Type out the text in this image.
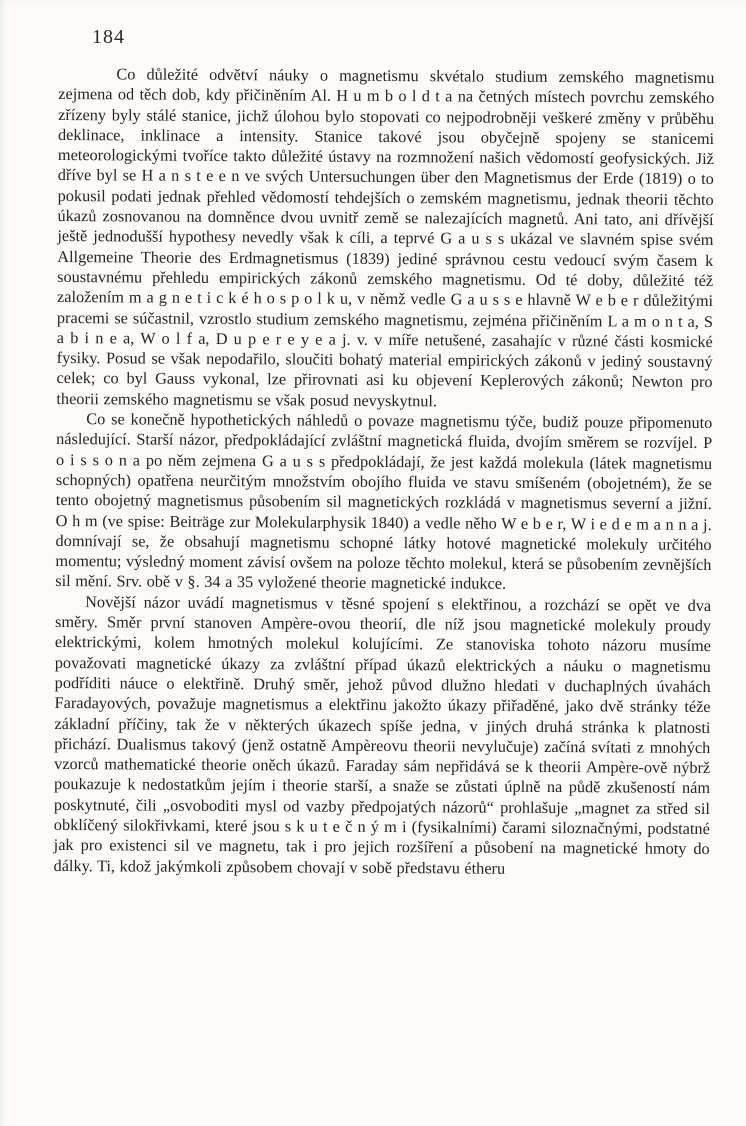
184

Co důležité odvětví náuky o magnetismu skvétalo studium zemského magnetismu zejmena od těch dob, kdy přičiněním Al. H u m b o l d t a na četných místech povrchu zemského zřízeny byly stálé stanice, jichž úlohou bylo stopovati co nejpodrobněji veškeré změny v průběhu deklinace, inklinace a intensity. Stanice takové jsou obyčejně spojeny se stanicemi meteorologickými tvoříce takto důležité ústavy na rozmnožení našich vědomostí geofysických. Již dříve byl se H a n s t e e n ve svých Untersuchungen über den Magnetismus der Erde (1819) o to pokusil podati jednak přehled vědomostí tehdejších o zemském magnetismu, jednak theorii těchto úkazů zosnovanou na domněnce dvou uvnitř země se nalezajících magnetů. Ani tato, ani dřívější ještě jednodušší hypothesy nevedly však k cíli, a teprvé G a u s s ukázal ve slavném spise svém Allgemeine Theorie des Erdmagnetismus (1839) jediné správnou cestu vedoucí svým časem k soustavnému přehledu empirických zákonů zemského magnetismu. Od té doby, důležité též založením m a g n e t i c k é h o s p o l k u, v němž vedle G a u s s e hlavně W e b e r důležitými pracemi se súčastnil, vzrostlo studium zemského magnetismu, zejména přičiněním L a m o n t a, S a b i n e a, W o l f a, D u p e r e y e a j. v. v míře netušené, zasahajíc v různé části kosmické fysiky. Posud se však nepodařilo, sloučiti bohatý material empirických zákonů v jediný soustavný celek; co byl Gauss vykonal, lze přirovnati asi ku objevení Keplerových zákonů; Newton pro theorii zemského magnetismu se však posud nevyskytnul.

Co se konečně hypothetických náhledů o povaze magnetismu týče, budiž pouze připomenuto následující. Starší názor, předpokládající zvláštní magnetická fluida, dvojím směrem se rozvíjel. P o i s s o n a po něm zejmena G a u s s předpokládají, že jest každá molekula (látek magnetismu schopných) opatřena neurčitým množstvím obojího fluida ve stavu smíšeném (obojetném), že se tento obojetný magnetismus působením sil magnetických rozkládá v magnetismus severní a jižní. O h m (ve spise: Beiträge zur Molekularphysik 1840) a vedle něho W e b e r, W i e d e m a n n a j. domnívají se, že obsahují magnetismu schopné látky hotové magnetické molekuly určitého momentu; výsledný moment závisí ovšem na poloze těchto molekul, která se působením zevnějších sil mění. Srv. obě v §. 34 a 35 vyložené theorie magnetické indukce.

Novější názor uvádí magnetismus v těsné spojení s elektřinou, a rozchází se opět ve dva směry. Směr první stanoven Ampère-ovou theorií, dle níž jsou magnetické molekuly proudy elektrickými, kolem hmotných molekul kolujícími. Ze stanoviska tohoto názoru musíme považovati magnetické úkazy za zvláštní případ úkazů elektrických a náuku o magnetismu podříditi náuce o elektřině. Druhý směr, jehož původ dlužno hledati v duchaplných úvahách Faradayových, považuje magnetismus a elektřinu jakožto úkazy přiřaděné, jako dvě stránky téže základní příčiny, tak že v některých úkazech spíše jedna, v jiných druhá stránka k platnosti přichází. Dualismus takový (jenž ostatně Ampèreovu theorii nevylučuje) začíná svítati z mnohých vzorců mathematické theorie oněch úkazů. Faraday sám nepřidává se k theorii Ampère-ově nýbrž poukazuje k nedostatkům jejím i theorie starší, a snaže se zůstati úplně na půdě zkušeností nám poskytnuté, čili „osvoboditi mysl od vazby předpojatých názorů“ prohlašuje „magnet za střed sil obklíčený silokřivkami, které jsou s k u t e č n ý m i (fysikalními) čarami siloznačnými, podstatné jak pro existenci sil ve magnetu, tak i pro jejich rozšíření a působení na magnetické hmoty do dálky. Ti, kdož jakýmkoli způsobem chovají v sobě představu étheru
